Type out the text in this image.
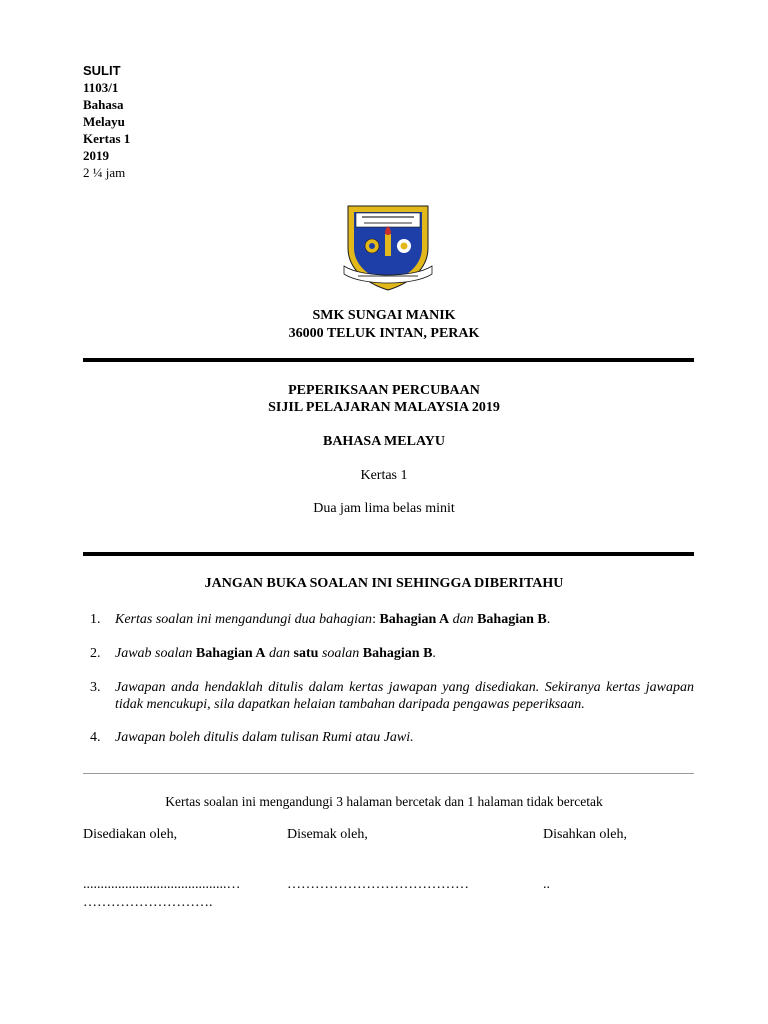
SULIT
1103/1
Bahasa
Melayu
Kertas 1
2019
2 ¼ jam
SMK SUNGAI MANIK
36000 TELUK INTAN, PERAK
PEPERIKSAAN PERCUBAAN
SIJIL PELAJARAN MALAYSIA 2019
BAHASA MELAYU
Kertas 1
Dua jam lima belas minit
JANGAN BUKA SOALAN INI SEHINGGA DIBERITAHU
1. Kertas soalan ini mengandungi dua bahagian: Bahagian A dan Bahagian B.
2. Jawab soalan Bahagian A dan satu soalan Bahagian B.
3. Jawapan anda hendaklah ditulis dalam kertas jawapan yang disediakan. Sekiranya kertas jawapan tidak mencukupi, sila dapatkan helaian tambahan daripada pengawas peperiksaan.
4. Jawapan boleh ditulis dalam tulisan Rumi atau Jawi.
Kertas soalan ini mengandungi 3 halaman bercetak dan 1 halaman tidak bercetak
Disediakan oleh,	Disemak oleh,	Disahkan oleh,
.........................................…	…………………………………	..
……………………….
